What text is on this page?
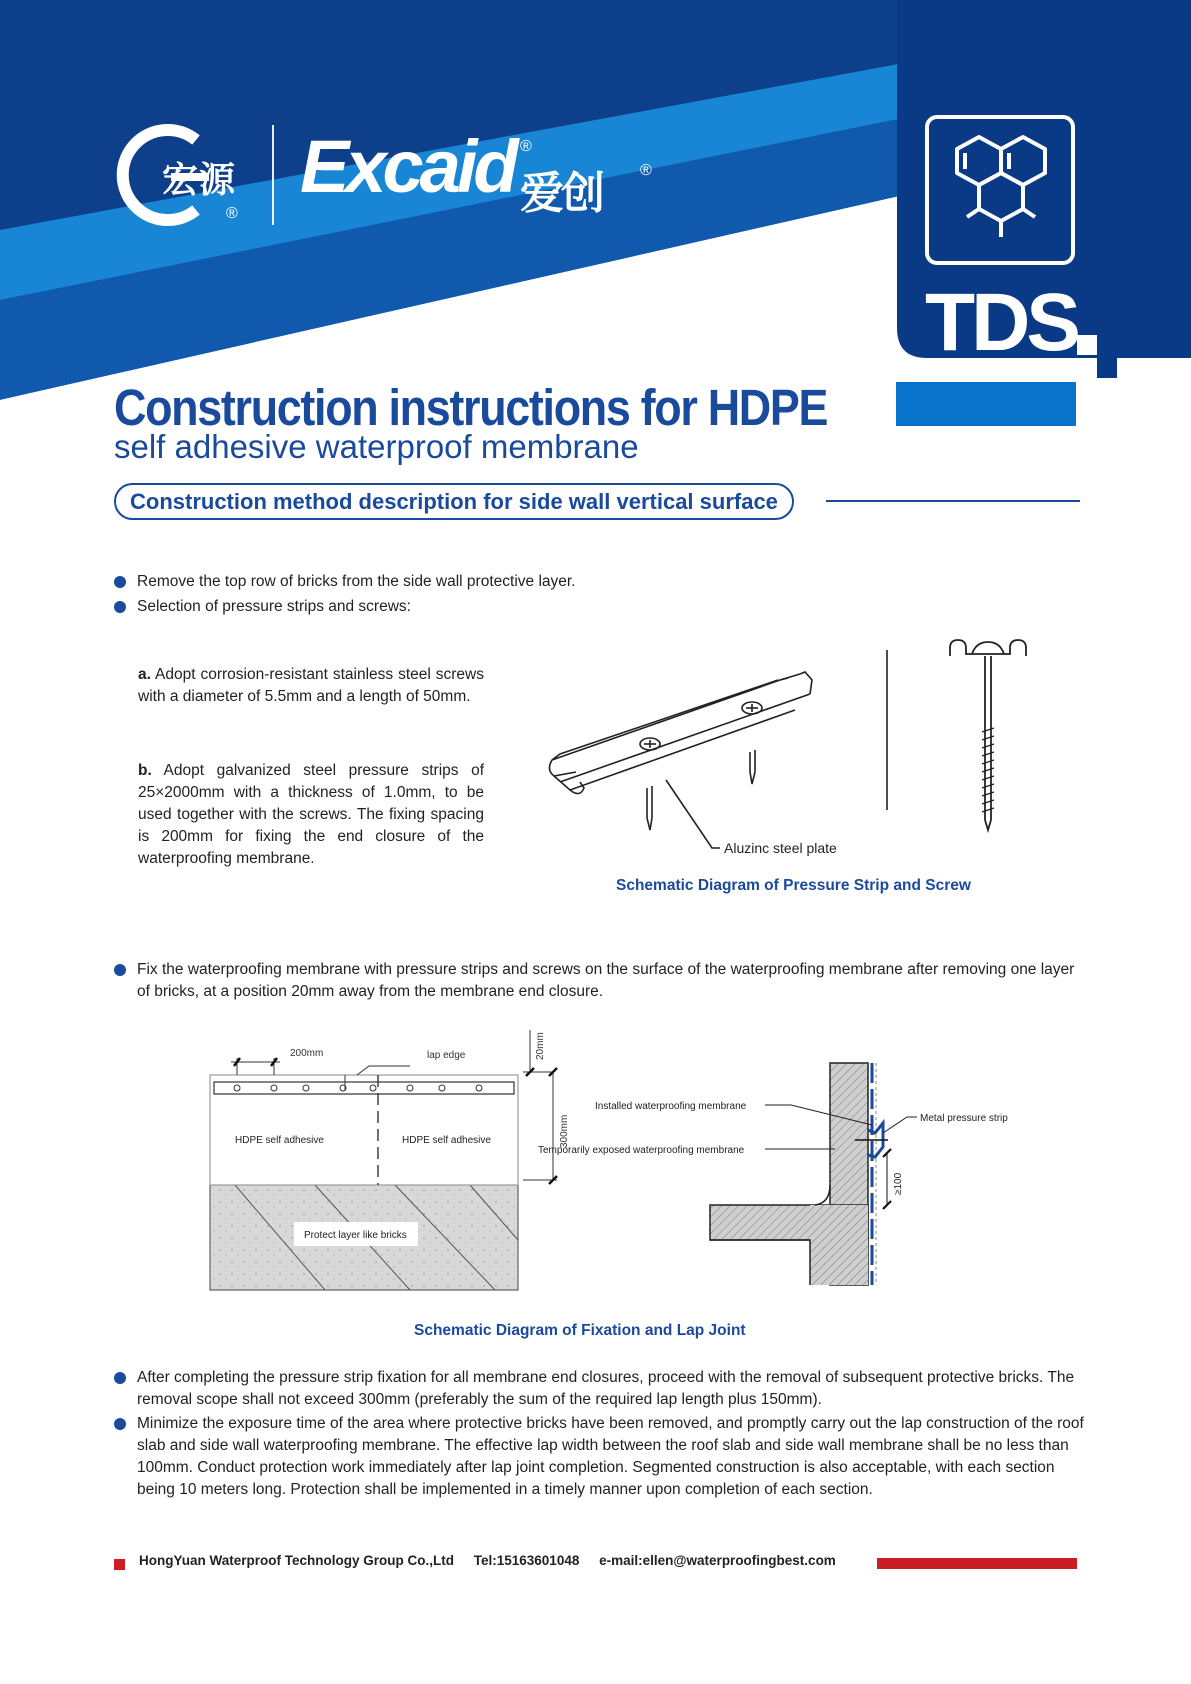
TDS
宏源
®
Excaid ®
爱创 ®
Construction instructions for HDPE
self adhesive waterproof membrane
Construction method description for side wall vertical surface
Remove the top row of bricks from the side wall protective layer.
Selection of pressure strips and screws:
a. Adopt corrosion-resistant stainless steel screws with a diameter of 5.5mm and a length of 50mm.
b. Adopt galvanized steel pressure strips of 25×2000mm with a thickness of 1.0mm, to be used together with the screws. The fixing spacing is 200mm for fixing the end closure of the waterproofing membrane.
Aluzinc steel plate
Schematic Diagram of Pressure Strip and Screw
Fix the waterproofing membrane with pressure strips and screws on the surface of the waterproofing membrane after removing one layer of bricks, at a position 20mm away from the membrane end closure.
200mm	lap edge	20mm
300mm
HDPE self adhesive	HDPE self adhesive
Protect layer like bricks
≥100
Installed waterproofing membrane
Temporarily exposed waterproofing membrane
Metal pressure strip
Schematic Diagram of Fixation and Lap Joint
After completing the pressure strip fixation for all membrane end closures, proceed with the removal of subsequent protective bricks. The removal scope shall not exceed 300mm (preferably the sum of the required lap length plus 150mm).
Minimize the exposure time of the area where protective bricks have been removed, and promptly carry out the lap construction of the roof slab and side wall waterproofing membrane. The effective lap width between the roof slab and side wall membrane shall be no less than 100mm. Conduct protection work immediately after lap joint completion. Segmented construction is also acceptable, with each section being 10 meters long. Protection shall be implemented in a timely manner upon completion of each section.
HongYuan Waterproof Technology Group Co.,Ltd Tel:15163601048 e-mail:ellen@waterproofingbest.com
